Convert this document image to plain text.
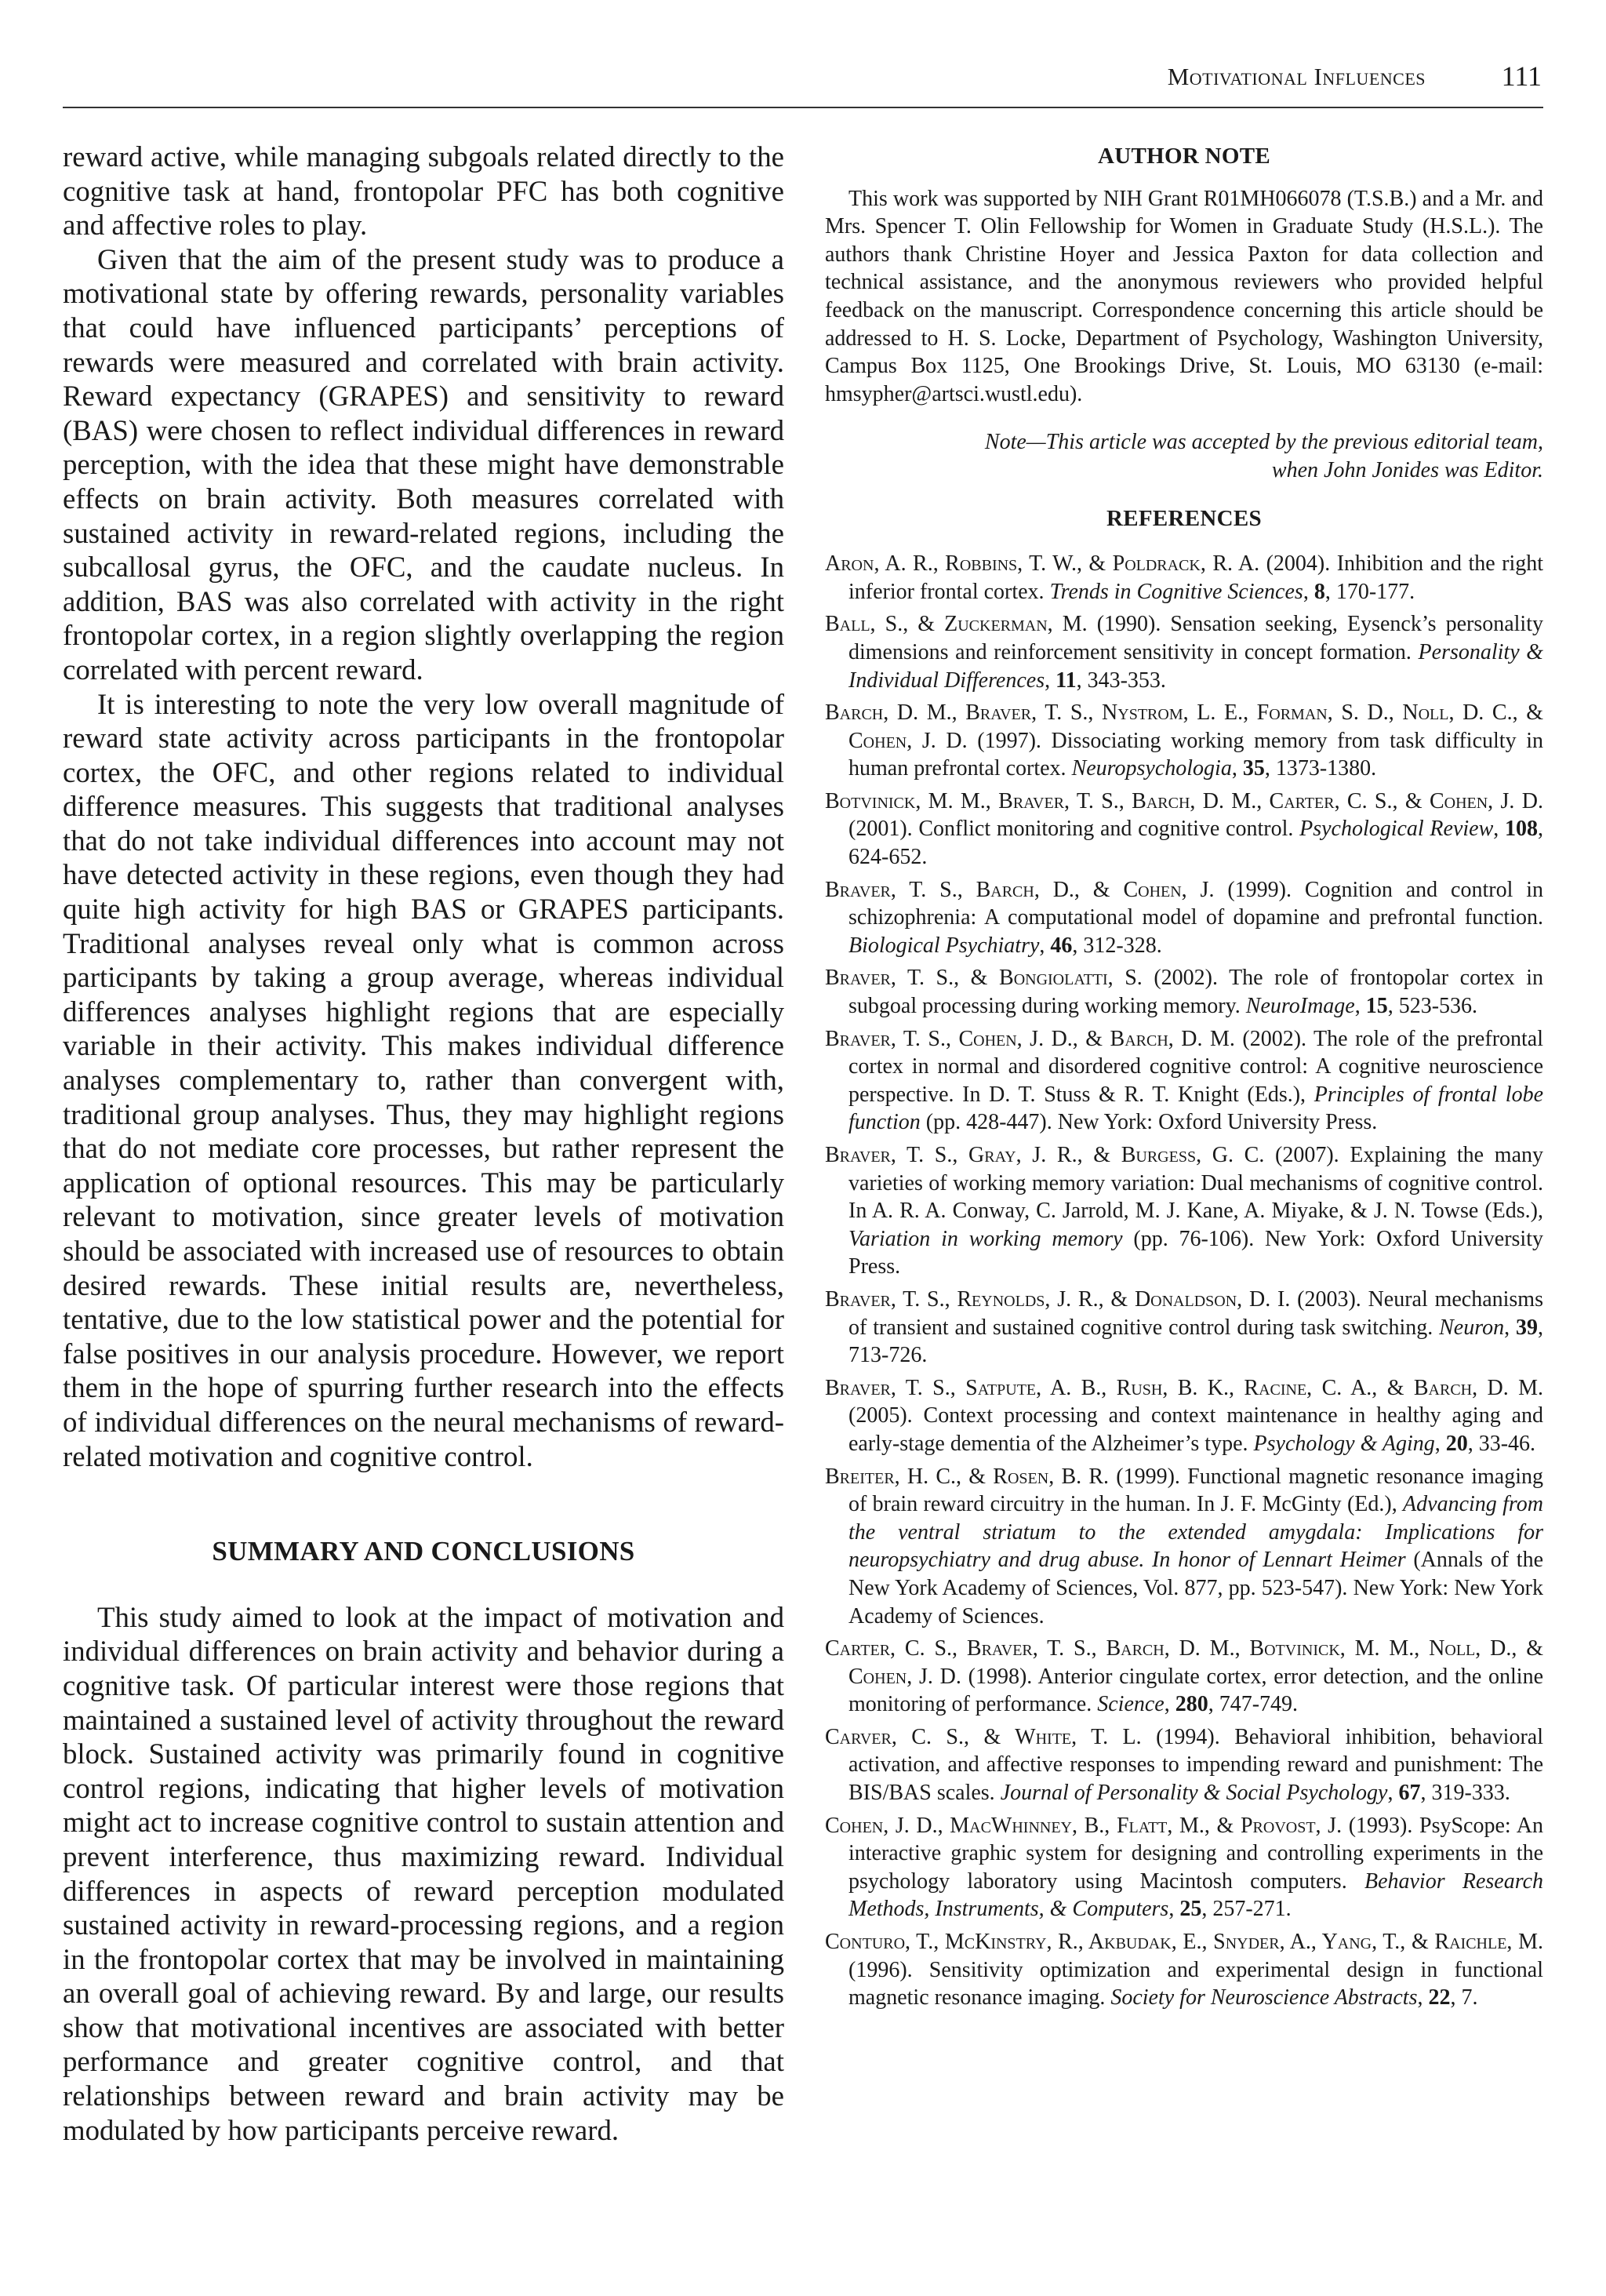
Motivational Influences	111

reward active, while managing subgoals related directly to the cognitive task at hand, frontopolar PFC has both cognitive and affective roles to play.

Given that the aim of the present study was to produce a motivational state by offering rewards, personality variables that could have influenced participants’ perceptions of rewards were measured and correlated with brain activity. Reward expectancy (GRAPES) and sensitivity to reward (BAS) were chosen to reflect individual differences in reward perception, with the idea that these might have demonstrable effects on brain activity. Both measures correlated with sustained activity in reward-related regions, including the subcallosal gyrus, the OFC, and the caudate nucleus. In addition, BAS was also correlated with activity in the right frontopolar cortex, in a region slightly overlapping the region correlated with percent reward.

It is interesting to note the very low overall magnitude of reward state activity across participants in the frontopolar cortex, the OFC, and other regions related to individual difference measures. This suggests that traditional analyses that do not take individual differences into account may not have detected activity in these regions, even though they had quite high activity for high BAS or GRAPES participants. Traditional analyses reveal only what is common across participants by taking a group average, whereas individual differences analyses highlight regions that are especially variable in their activity. This makes individual difference analyses complementary to, rather than convergent with, traditional group analyses. Thus, they may highlight regions that do not mediate core processes, but rather represent the application of optional resources. This may be particularly relevant to motivation, since greater levels of motivation should be associated with increased use of resources to obtain desired rewards. These initial results are, nevertheless, tentative, due to the low statistical power and the potential for false positives in our analysis procedure. However, we report them in the hope of spurring further research into the effects of individual differences on the neural mechanisms of reward-related motivation and cognitive control.

SUMMARY AND CONCLUSIONS

This study aimed to look at the impact of motivation and individual differences on brain activity and behavior during a cognitive task. Of particular interest were those regions that maintained a sustained level of activity throughout the reward block. Sustained activity was primarily found in cognitive control regions, indicating that higher levels of motivation might act to increase cognitive control to sustain attention and prevent interference, thus maximizing reward. Individual differences in aspects of reward perception modulated sustained activity in reward-processing regions, and a region in the frontopolar cortex that may be involved in maintaining an overall goal of achieving reward. By and large, our results show that motivational incentives are associated with better performance and greater cognitive control, and that relationships between reward and brain activity may be modulated by how participants perceive reward.

AUTHOR NOTE

This work was supported by NIH Grant R01MH066078 (T.S.B.) and a Mr. and Mrs. Spencer T. Olin Fellowship for Women in Graduate Study (H.S.L.). The authors thank Christine Hoyer and Jessica Paxton for data collection and technical assistance, and the anonymous reviewers who provided helpful feedback on the manuscript. Correspondence concerning this article should be addressed to H. S. Locke, Department of Psychology, Washington University, Campus Box 1125, One Brookings Drive, St. Louis, MO 63130 (e-mail: hmsypher@artsci.wustl.edu).

Note—This article was accepted by the previous editorial team,
when John Jonides was Editor.

REFERENCES
Aron, A. R., Robbins, T. W., & Poldrack, R. A. (2004). Inhibition and the right inferior frontal cortex. Trends in Cognitive Sciences, 8, 170-177.
Ball, S., & Zuckerman, M. (1990). Sensation seeking, Eysenck’s personality dimensions and reinforcement sensitivity in concept formation. Personality & Individual Differences, 11, 343-353.
Barch, D. M., Braver, T. S., Nystrom, L. E., Forman, S. D., Noll, D. C., & Cohen, J. D. (1997). Dissociating working memory from task difficulty in human prefrontal cortex. Neuropsychologia, 35, 1373-1380.
Botvinick, M. M., Braver, T. S., Barch, D. M., Carter, C. S., & Cohen, J. D. (2001). Conflict monitoring and cognitive control. Psychological Review, 108, 624-652.
Braver, T. S., Barch, D., & Cohen, J. (1999). Cognition and control in schizophrenia: A computational model of dopamine and prefrontal function. Biological Psychiatry, 46, 312-328.
Braver, T. S., & Bongiolatti, S. (2002). The role of frontopolar cortex in subgoal processing during working memory. NeuroImage, 15, 523-536.
Braver, T. S., Cohen, J. D., & Barch, D. M. (2002). The role of the prefrontal cortex in normal and disordered cognitive control: A cognitive neuroscience perspective. In D. T. Stuss & R. T. Knight (Eds.), Principles of frontal lobe function (pp. 428-447). New York: Oxford University Press.
Braver, T. S., Gray, J. R., & Burgess, G. C. (2007). Explaining the many varieties of working memory variation: Dual mechanisms of cognitive control. In A. R. A. Conway, C. Jarrold, M. J. Kane, A. Miyake, & J. N. Towse (Eds.), Variation in working memory (pp. 76-106). New York: Oxford University Press.
Braver, T. S., Reynolds, J. R., & Donaldson, D. I. (2003). Neural mechanisms of transient and sustained cognitive control during task switching. Neuron, 39, 713-726.
Braver, T. S., Satpute, A. B., Rush, B. K., Racine, C. A., & Barch, D. M. (2005). Context processing and context maintenance in healthy aging and early-stage dementia of the Alzheimer’s type. Psychology & Aging, 20, 33-46.
Breiter, H. C., & Rosen, B. R. (1999). Functional magnetic resonance imaging of brain reward circuitry in the human. In J. F. McGinty (Ed.), Advancing from the ventral striatum to the extended amygdala: Implications for neuropsychiatry and drug abuse. In honor of Lennart Heimer (Annals of the New York Academy of Sciences, Vol. 877, pp. 523-547). New York: New York Academy of Sciences.
Carter, C. S., Braver, T. S., Barch, D. M., Botvinick, M. M., Noll, D., & Cohen, J. D. (1998). Anterior cingulate cortex, error detection, and the online monitoring of performance. Science, 280, 747-749.
Carver, C. S., & White, T. L. (1994). Behavioral inhibition, behavioral activation, and affective responses to impending reward and punishment: The BIS/BAS scales. Journal of Personality & Social Psychology, 67, 319-333.
Cohen, J. D., MacWhinney, B., Flatt, M., & Provost, J. (1993). PsyScope: An interactive graphic system for designing and controlling experiments in the psychology laboratory using Macintosh computers. Behavior Research Methods, Instruments, & Computers, 25, 257-271.
Conturo, T., McKinstry, R., Akbudak, E., Snyder, A., Yang, T., & Raichle, M. (1996). Sensitivity optimization and experimental design in functional magnetic resonance imaging. Society for Neuroscience Abstracts, 22, 7.
